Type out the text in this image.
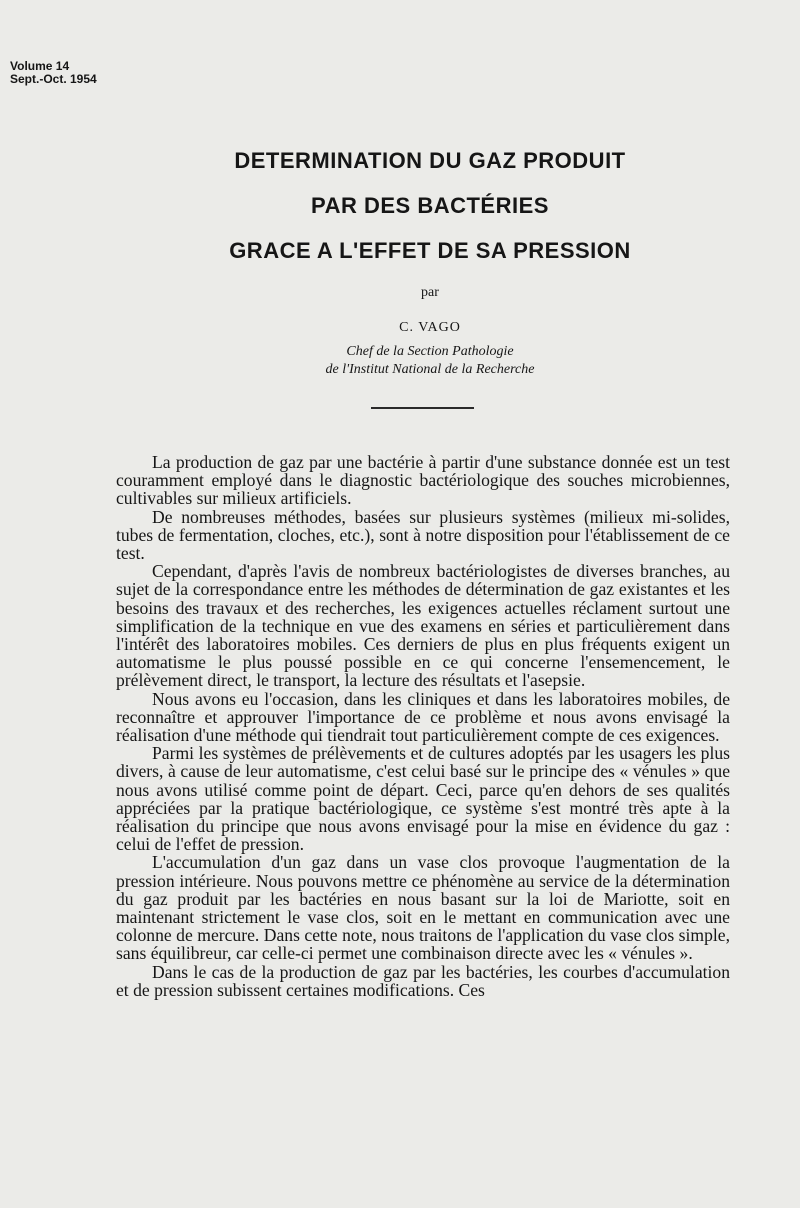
Volume 14
Sept.-Oct. 1954
DETERMINATION DU GAZ PRODUIT
PAR DES BACTÉRIES
GRACE A L'EFFET DE SA PRESSION
par
C. VAGO
Chef de la Section Pathologie
de l'Institut National de la Recherche

La production de gaz par une bactérie à partir d'une substance donnée est un test couramment employé dans le diagnostic bactériologique des souches microbiennes, cultivables sur milieux artificiels.

De nombreuses méthodes, basées sur plusieurs systèmes (milieux mi-solides, tubes de fermentation, cloches, etc.), sont à notre disposition pour l'établissement de ce test.

Cependant, d'après l'avis de nombreux bactériologistes de diverses branches, au sujet de la correspondance entre les méthodes de détermination de gaz existantes et les besoins des travaux et des recherches, les exigences actuelles réclament surtout une simplification de la technique en vue des examens en séries et particulièrement dans l'intérêt des laboratoires mobiles. Ces derniers de plus en plus fréquents exigent un automatisme le plus poussé possible en ce qui concerne l'ensemencement, le prélèvement direct, le transport, la lecture des résultats et l'asepsie.

Nous avons eu l'occasion, dans les cliniques et dans les laboratoires mobiles, de reconnaître et approuver l'importance de ce problème et nous avons envisagé la réalisation d'une méthode qui tiendrait tout particulièrement compte de ces exigences.

Parmi les systèmes de prélèvements et de cultures adoptés par les usagers les plus divers, à cause de leur automatisme, c'est celui basé sur le principe des « vénules » que nous avons utilisé comme point de départ. Ceci, parce qu'en dehors de ses qualités appréciées par la pratique bactériologique, ce système s'est montré très apte à la réalisation du principe que nous avons envisagé pour la mise en évidence du gaz : celui de l'effet de pression.

L'accumulation d'un gaz dans un vase clos provoque l'augmentation de la pression intérieure. Nous pouvons mettre ce phénomène au service de la détermination du gaz produit par les bactéries en nous basant sur la loi de Mariotte, soit en maintenant strictement le vase clos, soit en le mettant en communication avec une colonne de mercure. Dans cette note, nous traitons de l'application du vase clos simple, sans équilibreur, car celle-ci permet une combinaison directe avec les « vénules ».

Dans le cas de la production de gaz par les bactéries, les courbes d'accumulation et de pression subissent certaines modifications. Ces
